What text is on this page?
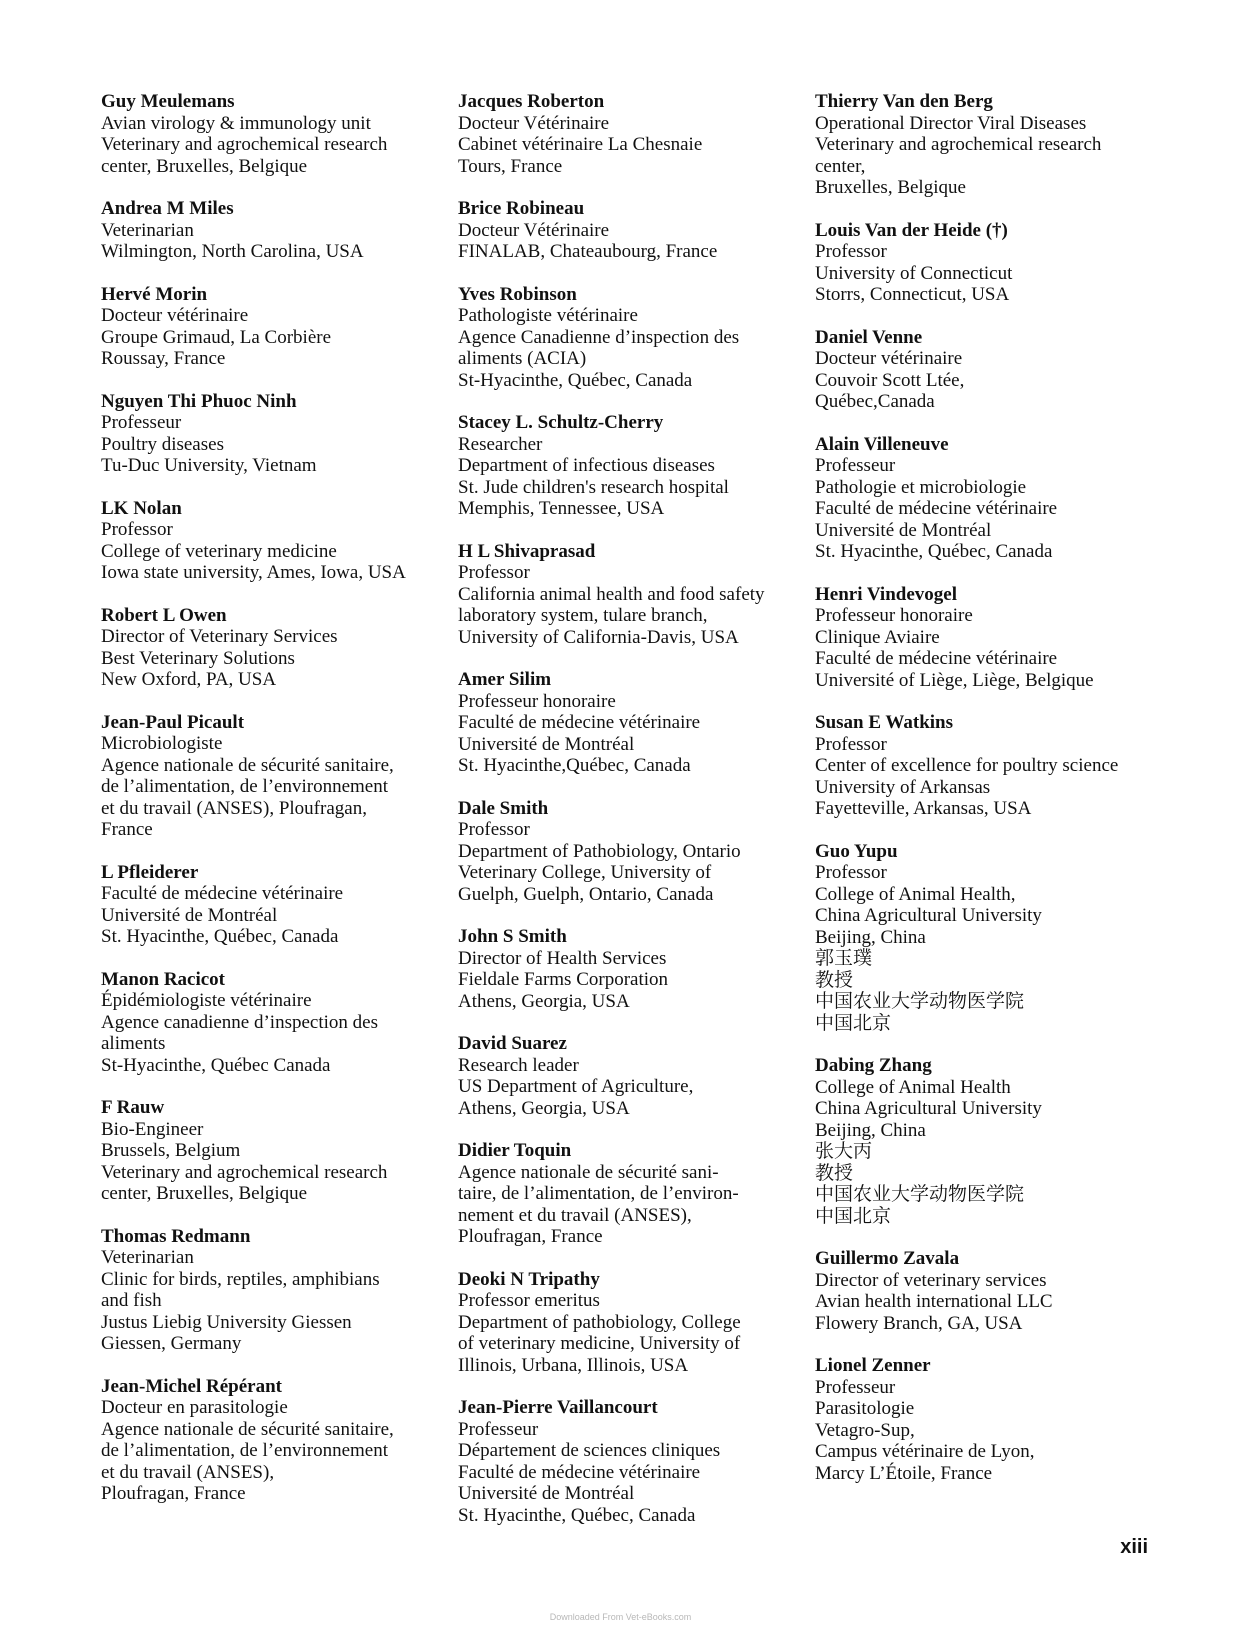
Guy Meulemans
Avian virology & immunology unit
Veterinary and agrochemical research
center, Bruxelles, Belgique
Andrea M Miles
Veterinarian
Wilmington, North Carolina, USA
Hervé Morin
Docteur vétérinaire
Groupe Grimaud, La Corbière
Roussay, France
Nguyen Thi Phuoc Ninh
Professeur
Poultry diseases
Tu-Duc University, Vietnam
LK Nolan
Professor
College of veterinary medicine
Iowa state university, Ames, Iowa, USA
Robert L Owen
Director of Veterinary Services
Best Veterinary Solutions
New Oxford, PA, USA
Jean-Paul Picault
Microbiologiste
Agence nationale de sécurité sanitaire,
de l’alimentation, de l’environnement
et du travail (ANSES), Ploufragan,
France
L Pfleiderer
Faculté de médecine vétérinaire
Université de Montréal
St. Hyacinthe, Québec, Canada
Manon Racicot
Épidémiologiste vétérinaire
Agence canadienne d’inspection des
aliments
St-Hyacinthe, Québec Canada
F Rauw
Bio-Engineer
Brussels, Belgium
Veterinary and agrochemical research
center, Bruxelles, Belgique
Thomas Redmann
Veterinarian
Clinic for birds, reptiles, amphibians
and fish
Justus Liebig University Giessen
Giessen, Germany
Jean-Michel Répérant
Docteur en parasitologie
Agence nationale de sécurité sanitaire,
de l’alimentation, de l’environnement
et du travail (ANSES),
Ploufragan, France
Jacques Roberton
Docteur Vétérinaire
Cabinet vétérinaire La Chesnaie
Tours, France
Brice Robineau
Docteur Vétérinaire
FINALAB, Chateaubourg, France
Yves Robinson
Pathologiste vétérinaire
Agence Canadienne d’inspection des
aliments (ACIA)
St-Hyacinthe, Québec, Canada
Stacey L. Schultz-Cherry
Researcher
Department of infectious diseases
St. Jude children's research hospital
Memphis, Tennessee, USA
H L Shivaprasad
Professor
California animal health and food safety
laboratory system, tulare branch,
University of California-Davis, USA
Amer Silim
Professeur honoraire
Faculté de médecine vétérinaire
Université de Montréal
St. Hyacinthe,Québec, Canada
Dale Smith
Professor
Department of Pathobiology, Ontario
Veterinary College, University of
Guelph, Guelph, Ontario, Canada
John S Smith
Director of Health Services
Fieldale Farms Corporation
Athens, Georgia, USA
David Suarez
Research leader
US Department of Agriculture,
Athens, Georgia, USA
Didier Toquin
Agence nationale de sécurité sani-
taire, de l’alimentation, de l’environ-
nement et du travail (ANSES),
Ploufragan, France
Deoki N Tripathy
Professor emeritus
Department of pathobiology, College
of veterinary medicine, University of
Illinois, Urbana, Illinois, USA
Jean-Pierre Vaillancourt
Professeur
Département de sciences cliniques
Faculté de médecine vétérinaire
Université de Montréal
St. Hyacinthe, Québec, Canada
Thierry Van den Berg
Operational Director Viral Diseases
Veterinary and agrochemical research
center,
Bruxelles, Belgique
Louis Van der Heide (†)
Professor
University of Connecticut
Storrs, Connecticut, USA
Daniel Venne
Docteur vétérinaire
Couvoir Scott Ltée,
Québec,Canada
Alain Villeneuve
Professeur
Pathologie et microbiologie
Faculté de médecine vétérinaire
Université de Montréal
St. Hyacinthe, Québec, Canada
Henri Vindevogel
Professeur honoraire
Clinique Aviaire
Faculté de médecine vétérinaire
Université of Liège, Liège, Belgique
Susan E Watkins
Professor
Center of excellence for poultry science
University of Arkansas
Fayetteville, Arkansas, USA
Guo Yupu
Professor
College of Animal Health,
China Agricultural University
Beijing, China
郭玉璞
教授
中国农业大学动物医学院
中国北京
Dabing Zhang
College of Animal Health
China Agricultural University
Beijing, China
张大丙
教授
中国农业大学动物医学院
中国北京
Guillermo Zavala
Director of veterinary services
Avian health international LLC
Flowery Branch, GA, USA
Lionel Zenner
Professeur
Parasitologie
Vetagro-Sup,
Campus vétérinaire de Lyon,
Marcy L’Étoile, France
xiii
Downloaded From Vet-eBooks.com
